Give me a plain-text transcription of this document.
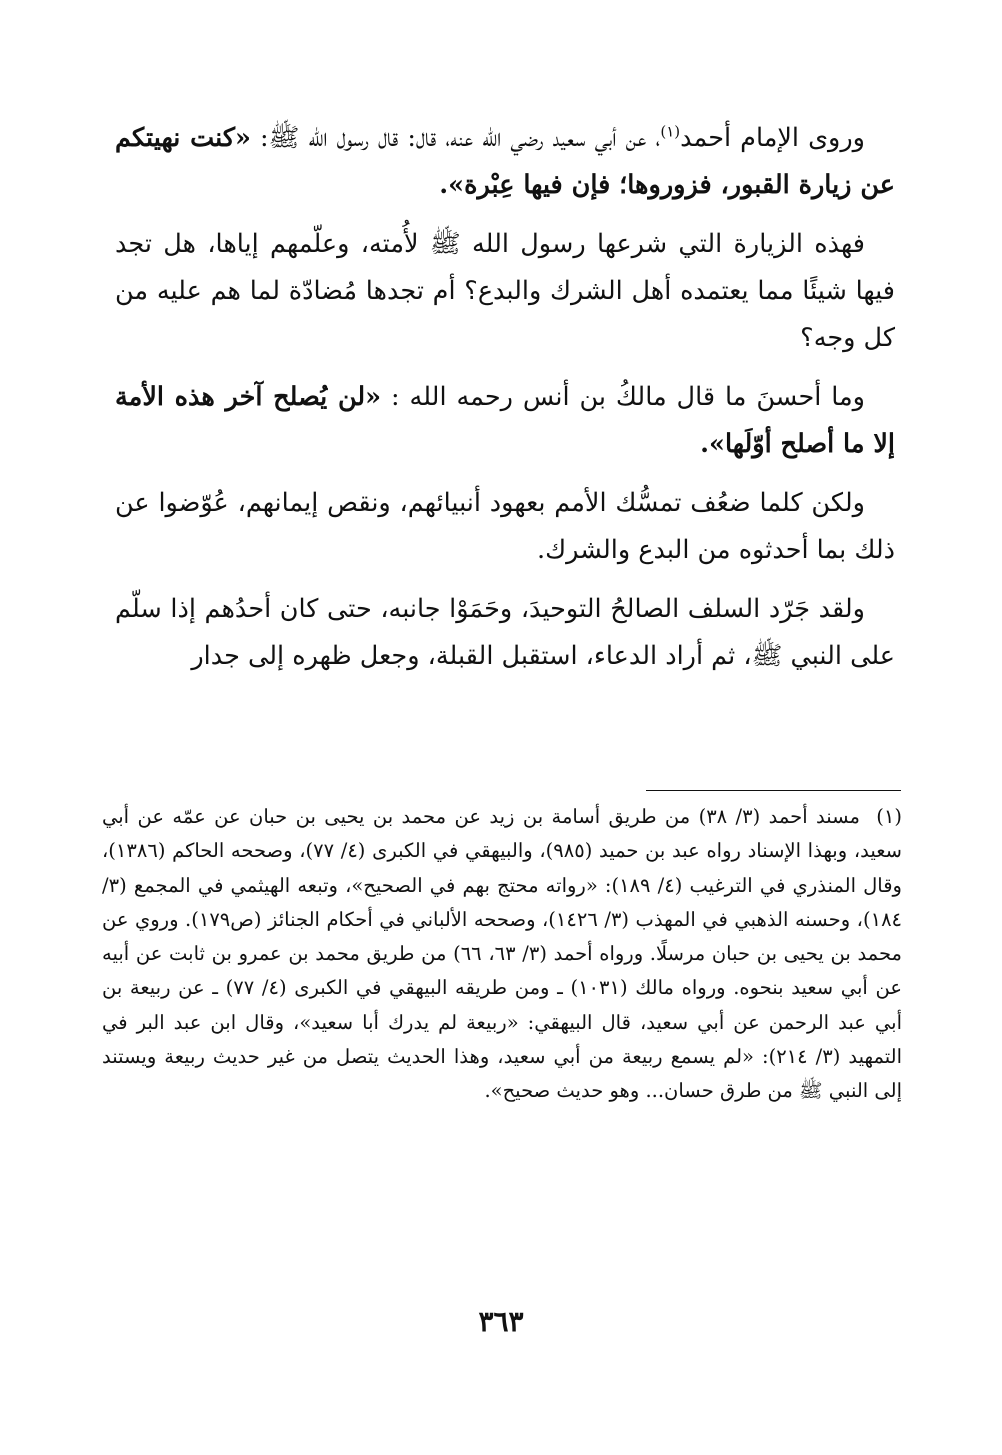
وروى الإمام أحمد$^{(١)}$، عن أبي سعيد رضي الله عنه، قال: قال رسول الله ﷺ: «كنت نهيتكم عن زيارة القبور، فزوروها؛ فإن فيها عِبْرة».

فهذه الزيارة التي شرعها رسول الله ﷺ لأُمته، وعلّمهم إياها، هل تجد فيها شيئًا مما يعتمده أهل الشرك والبدع؟ أم تجدها مُضادّة لما هم عليه من كل وجه؟

وما أحسنَ ما قال مالكُ بن أنس رحمه الله : «لن يُصلح آخر هذه الأمة إلا ما أصلح أوّلَها».

ولكن كلما ضعُف تمسُّك الأمم بعهود أنبيائهم، ونقص إيمانهم، عُوّضوا عن ذلك بما أحدثوه من البدع والشرك.

ولقد جَرّد السلف الصالحُ التوحيدَ، وحَمَوْا جانبه، حتى كان أحدُهم إذا سلّم على النبي ﷺ، ثم أراد الدعاء، استقبل القبلة، وجعل ظهره إلى جدار

(١)مسند أحمد (٣/ ٣٨) من طريق أسامة بن زيد عن محمد بن يحيى بن حبان عن عمّه عن أبي سعيد، وبهذا الإسناد رواه عبد بن حميد (٩٨٥)، والبيهقي في الكبرى (٤/ ٧٧)، وصححه الحاكم (١٣٨٦)، وقال المنذري في الترغيب (٤/ ١٨٩): «رواته محتج بهم في الصحيح»، وتبعه الهيثمي في المجمع (٣/ ١٨٤)، وحسنه الذهبي في المهذب (٣/ ١٤٢٦)، وصححه الألباني في أحكام الجنائز (ص١٧٩). وروي عن محمد بن يحيى بن حبان مرسلًا. ورواه أحمد (٣/ ٦٣، ٦٦) من طريق محمد بن عمرو بن ثابت عن أبيه عن أبي سعيد بنحوه. ورواه مالك (١٠٣١) ـ ومن طريقه البيهقي في الكبرى (٤/ ٧٧) ـ عن ربيعة بن أبي عبد الرحمن عن أبي سعيد، قال البيهقي: «ربيعة لم يدرك أبا سعيد»، وقال ابن عبد البر في التمهيد (٣/ ٢١٤): «لم يسمع ربيعة من أبي سعيد، وهذا الحديث يتصل من غير حديث ربيعة ويستند إلى النبي ﷺ من طرق حسان... وهو حديث صحيح».
٣٦٣
